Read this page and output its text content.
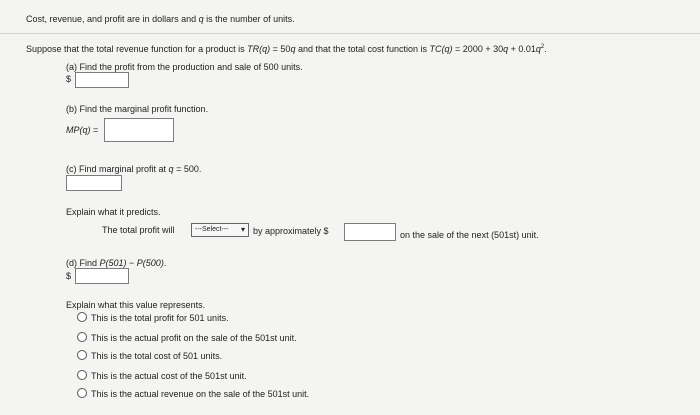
Cost, revenue, and profit are in dollars and q is the number of units.
Suppose that the total revenue function for a product is TR(q) = 50q and that the total cost function is $TC(q) = 2000 + 30q + 0.01q^2$.
(a) Find the profit from the production and sale of 500 units.
$
(b) Find the marginal profit function.
MP(q) =
(c) Find marginal profit at q = 500.
Explain what it predicts.
The total profit will	---Select--- ▾ by approximately $	on the sale of the next (501st) unit.
(d) Find P(501) − P(500).
$
Explain what this value represents.
This is the total profit for 501 units.
This is the actual profit on the sale of the 501st unit.
This is the total cost of 501 units.
This is the actual cost of the 501st unit.
This is the actual revenue on the sale of the 501st unit.
